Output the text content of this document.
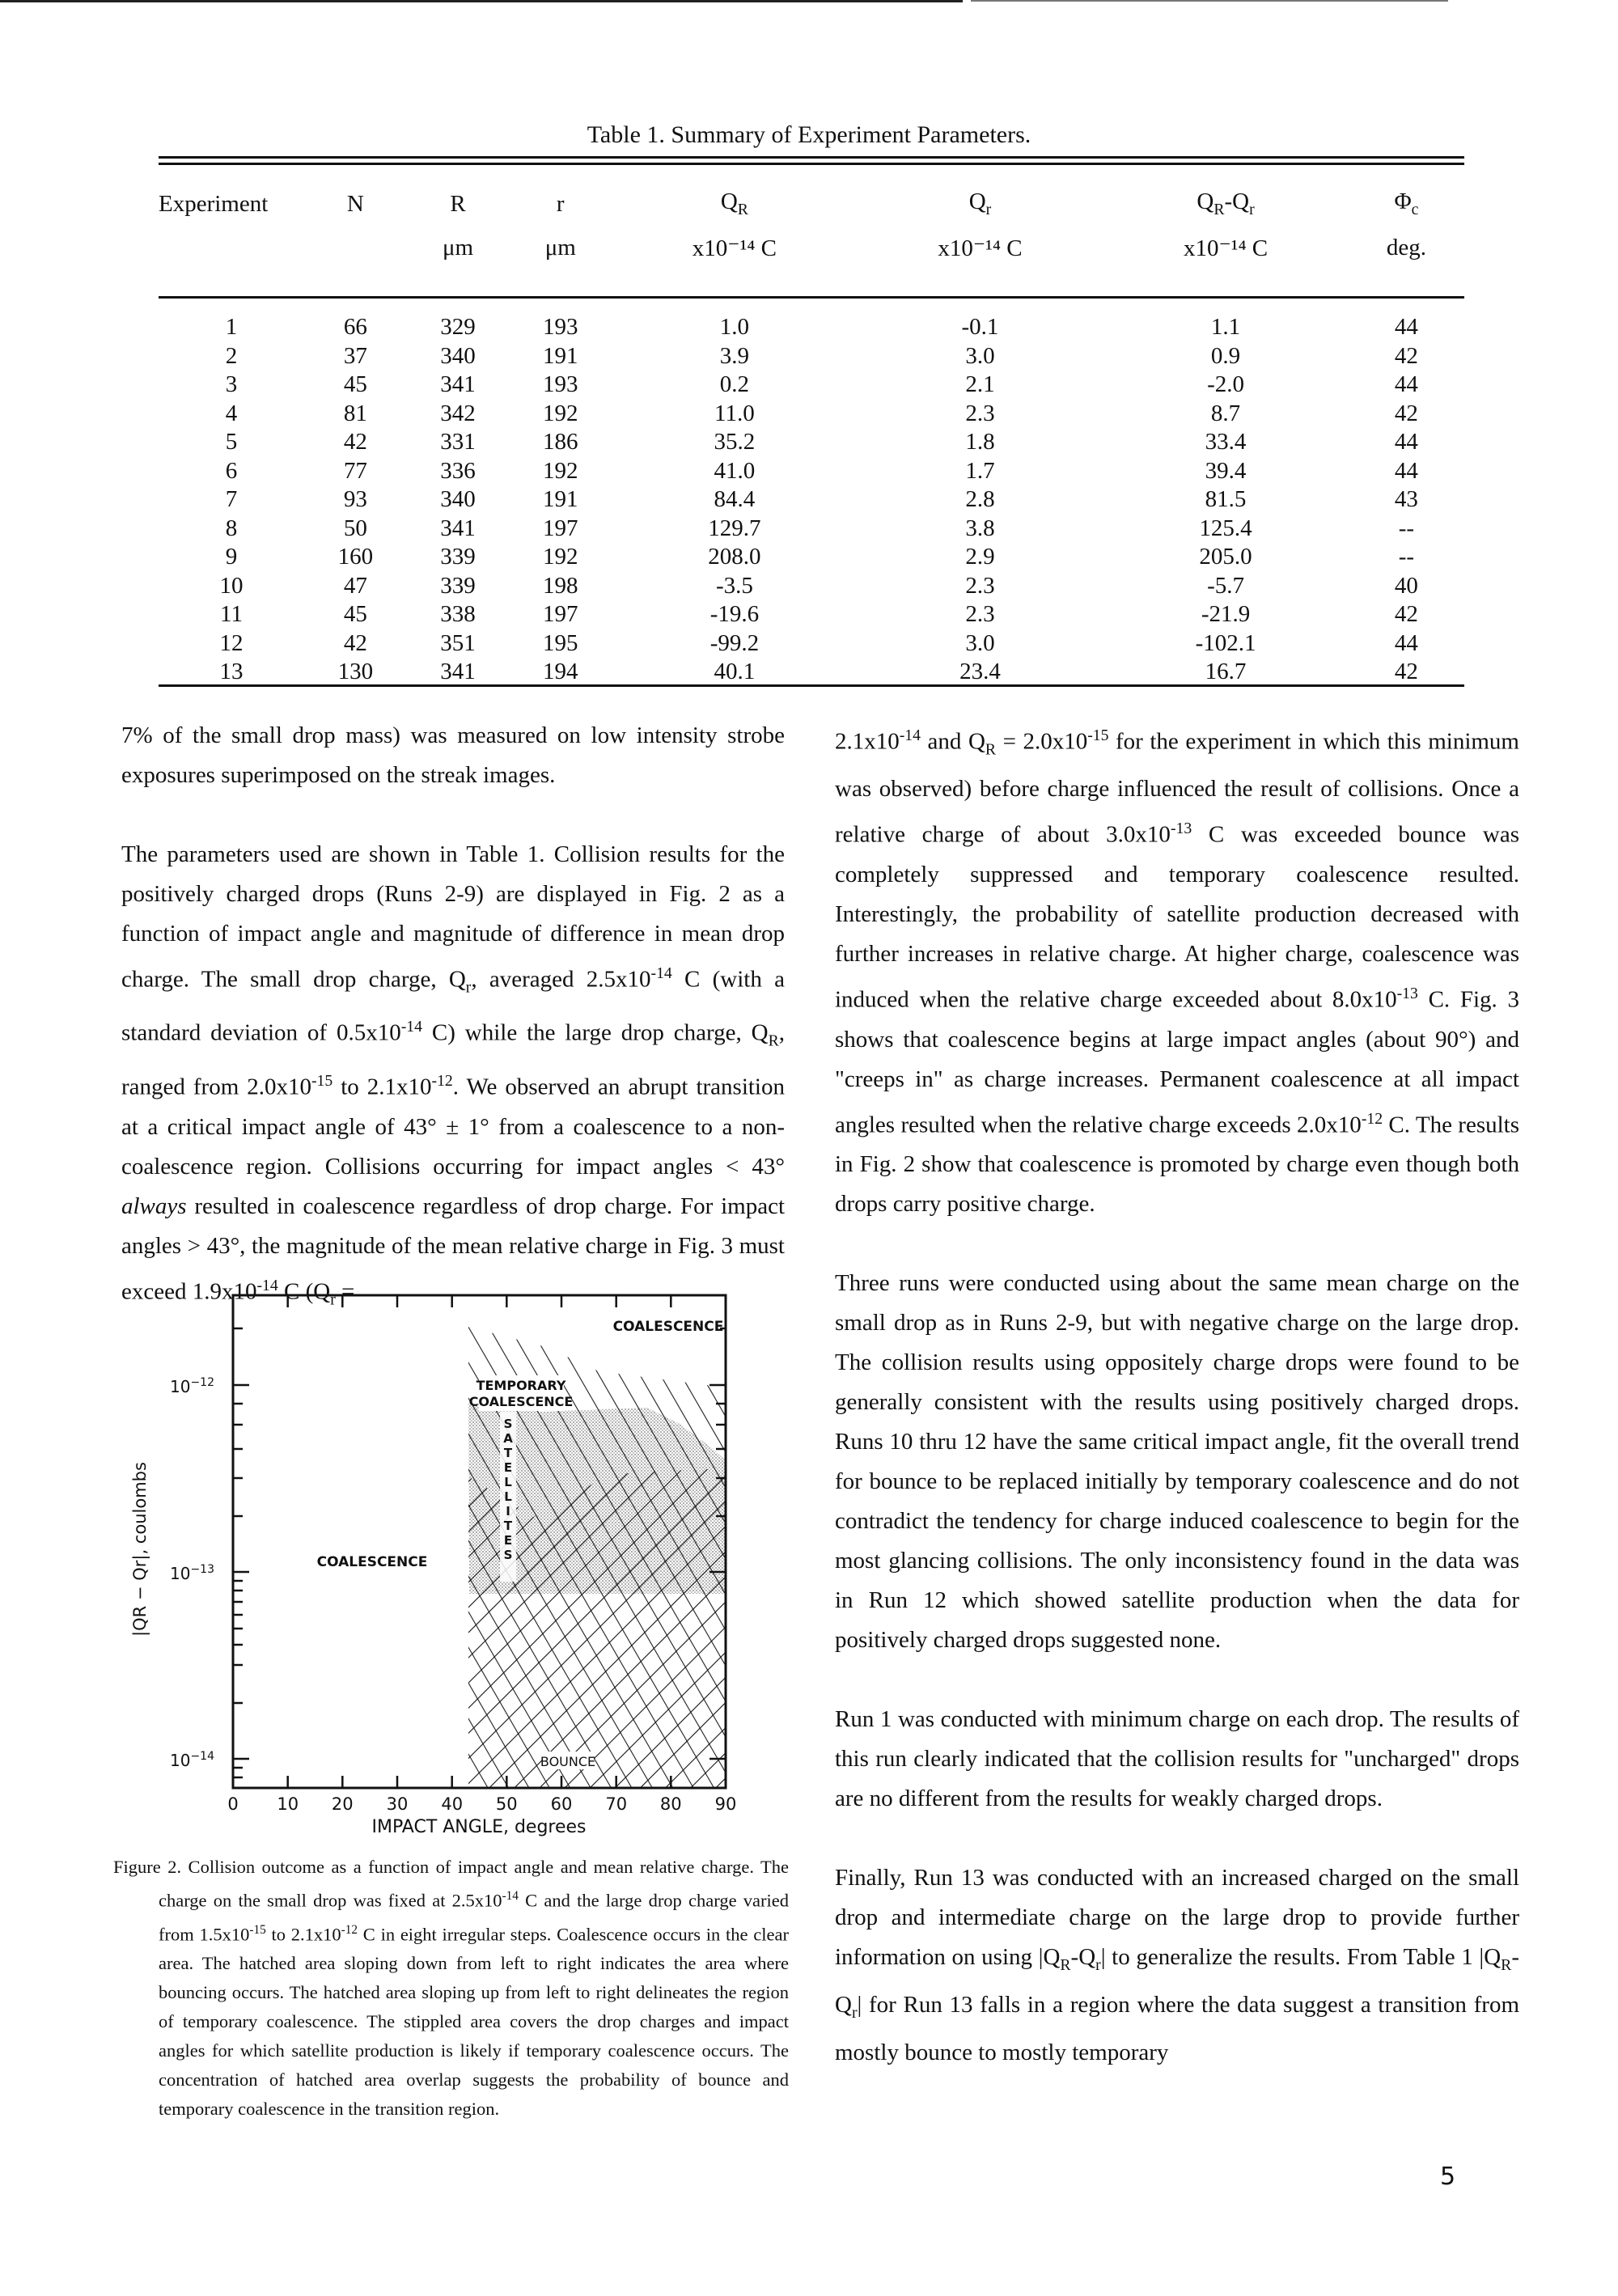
Table 1. Summary of Experiment Parameters.
Experiment	N	R	r	$Q_R$	$Q_r$	$Q_R-Q_r$	$\Phi_c$
		μm	μm	x10⁻¹⁴ C	x10⁻¹⁴ C	x10⁻¹⁴ C	deg.

1	66	329	193	1.0	-0.1	1.1	44
2	37	340	191	3.9	3.0	0.9	42
3	45	341	193	0.2	2.1	-2.0	44
4	81	342	192	11.0	2.3	8.7	42
5	42	331	186	35.2	1.8	33.4	44
6	77	336	192	41.0	1.7	39.4	44
7	93	340	191	84.4	2.8	81.5	43
8	50	341	197	129.7	3.8	125.4	--
9	160	339	192	208.0	2.9	205.0	--
10	47	339	198	-3.5	2.3	-5.7	40
11	45	338	197	-19.6	2.3	-21.9	42
12	42	351	195	-99.2	3.0	-102.1	44
13	130	341	194	40.1	23.4	16.7	42

7% of the small drop mass) was measured on low intensity strobe exposures superimposed on the streak images.

The parameters used are shown in Table 1. Collision results for the positively charged drops (Runs 2-9) are displayed in Fig. 2 as a function of impact angle and magnitude of difference in mean drop charge. The small drop charge, $Q_r$, averaged $2.5x10^{-14}$ C (with a standard deviation of $0.5x10^{-14}$ C) while the large drop charge, $Q_R$, ranged from $2.0x10^{-15}$ to $2.1x10^{-12}$. We observed an abrupt transition at a critical impact angle of 43° ± 1° from a coalescence to a non-coalescence region. Collisions occurring for impact angles < 43° always resulted in coalescence regardless of drop charge. For impact angles > 43°, the magnitude of the mean relative charge in Fig. 3 must exceed $1.9x10^{-14}$ C ($Q_r$ =

$10^{-12}$
$10^{-13}$
$10^{-14}$
0 10 20 30 40 50 60 70 80 90
IMPACT ANGLE, degrees
|QR − Qr|, coulombs
COALESCENCE
COALESCENCE
TEMPORARY
COALESCENCE
S
A
T
E
L
L
I
T
E
S
BOUNCE
Figure 2. Collision outcome as a function of impact angle and mean relative charge. The charge on the small drop was fixed at $2.5x10^{-14}$ C and the large drop charge varied from $1.5x10^{-15}$ to $2.1x10^{-12}$ C in eight irregular steps. Coalescence occurs in the clear area. The hatched area sloping down from left to right indicates the area where bouncing occurs. The hatched area sloping up from left to right delineates the region of temporary coalescence. The stippled area covers the drop charges and impact angles for which satellite production is likely if temporary coalescence occurs. The concentration of hatched area overlap suggests the probability of bounce and temporary coalescence in the transition region.

$2.1x10^{-14}$ and $Q_R = 2.0x10^{-15}$ for the experiment in which this minimum was observed) before charge influenced the result of collisions. Once a relative charge of about $3.0x10^{-13}$ C was exceeded bounce was completely suppressed and temporary coalescence resulted. Interestingly, the probability of satellite production decreased with further increases in relative charge. At higher charge, coalescence was induced when the relative charge exceeded about $8.0x10^{-13}$ C. Fig. 3 shows that coalescence begins at large impact angles (about 90°) and "creeps in" as charge increases. Permanent coalescence at all impact angles resulted when the relative charge exceeds $2.0x10^{-12}$ C. The results in Fig. 2 show that coalescence is promoted by charge even though both drops carry positive charge.

Three runs were conducted using about the same mean charge on the small drop as in Runs 2-9, but with negative charge on the large drop. The collision results using oppositely charge drops were found to be generally consistent with the results using positively charged drops. Runs 10 thru 12 have the same critical impact angle, fit the overall trend for bounce to be replaced initially by temporary coalescence and do not contradict the tendency for charge induced coalescence to begin for the most glancing collisions. The only inconsistency found in the data was in Run 12 which showed satellite production when the data for positively charged drops suggested none.

Run 1 was conducted with minimum charge on each drop. The results of this run clearly indicated that the collision results for "uncharged" drops are no different from the results for weakly charged drops.

Finally, Run 13 was conducted with an increased charged on the small drop and intermediate charge on the large drop to provide further information on using $|Q_R-Q_r|$ to generalize the results. From Table 1 $|Q_R-Q_r|$ for Run 13 falls in a region where the data suggest a transition from mostly bounce to mostly temporary

5
